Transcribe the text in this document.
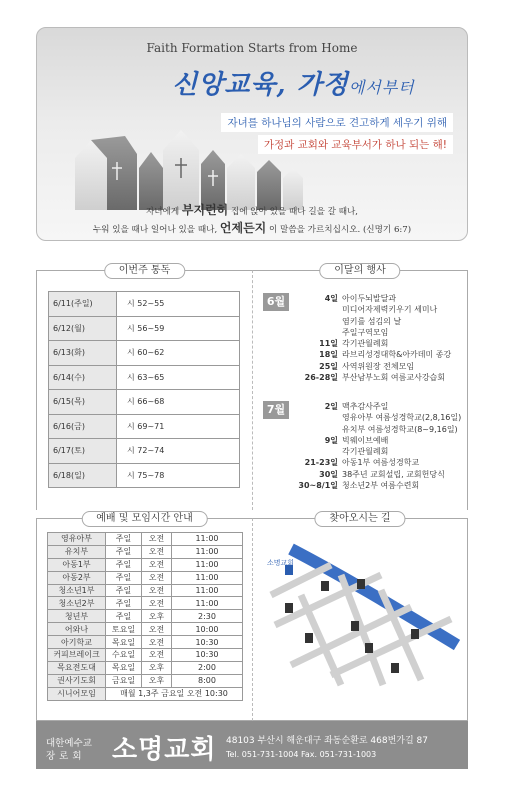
Faith Formation Starts from Home
신앙교육, 가정에서부터
자녀를 하나님의 사람으로 견고하게 세우기 위해
가정과 교회와 교육부서가 하나 되는 해!
자녀에게 부지런히 집에 앉아 있을 때나 길을 갈 때나,
누워 있을 때나 일어나 있을 때나, 언제든지 이 말씀을 가르치십시오. (신명기 6:7)
이번주 통독
6/11(주일)	시 52~55
6/12(월)	시 56~59
6/13(화)	시 60~62
6/14(수)	시 63~65
6/15(목)	시 66~68
6/16(금)	시 69~71
6/17(토)	시 72~74
6/18(일)	시 75~78
이달의 행사
6월	4일 아이두뇌발달과
미디어자제력키우기 세미나
염키를 섬김의 날
주일구역모임
11일 각기관월례회
18일 라브리성경대학&아카데미 종강
25일 사역위원장 전체모임
26-28일 부산남부노회 여름교사강습회
7월	2일 맥추감사주일
영유아부 여름성경학교(2,8,16일)
유치부 여름성경학교(8~9,16일)
9일 빅웨이브예배
각기관월례회
21-23일 아동1부 여름성경학교
30일 38주년 교회설립, 교회헌당식
30~8/1일 청소년2부 여름수련회
예배 및 모임시간 안내
영유아부	주일	오전	11:00
유치부	주일	오전	11:00
아동1부	주일	오전	11:00
아동2부	주일	오전	11:00
청소년1부	주일	오전	11:00
청소년2부	주일	오전	11:00
청년부	주일	오후	2:30
어와나	토요일	오전	10:00
아기학교	목요일	오전	10:30
커피브레이크	수요일	오전	10:30
목요전도대	목요일	오후	2:00
권사기도회	금요일	오후	8:00
시니어모임	매월 1,3주 금요일 오전 10:30		
찾아오시는 길
소명교회
대한예수교
장로회 소명교회 48103 부산시 해운대구 좌동순환로 468번가길 87
Tel. 051-731-1004 Fax. 051-731-1003
